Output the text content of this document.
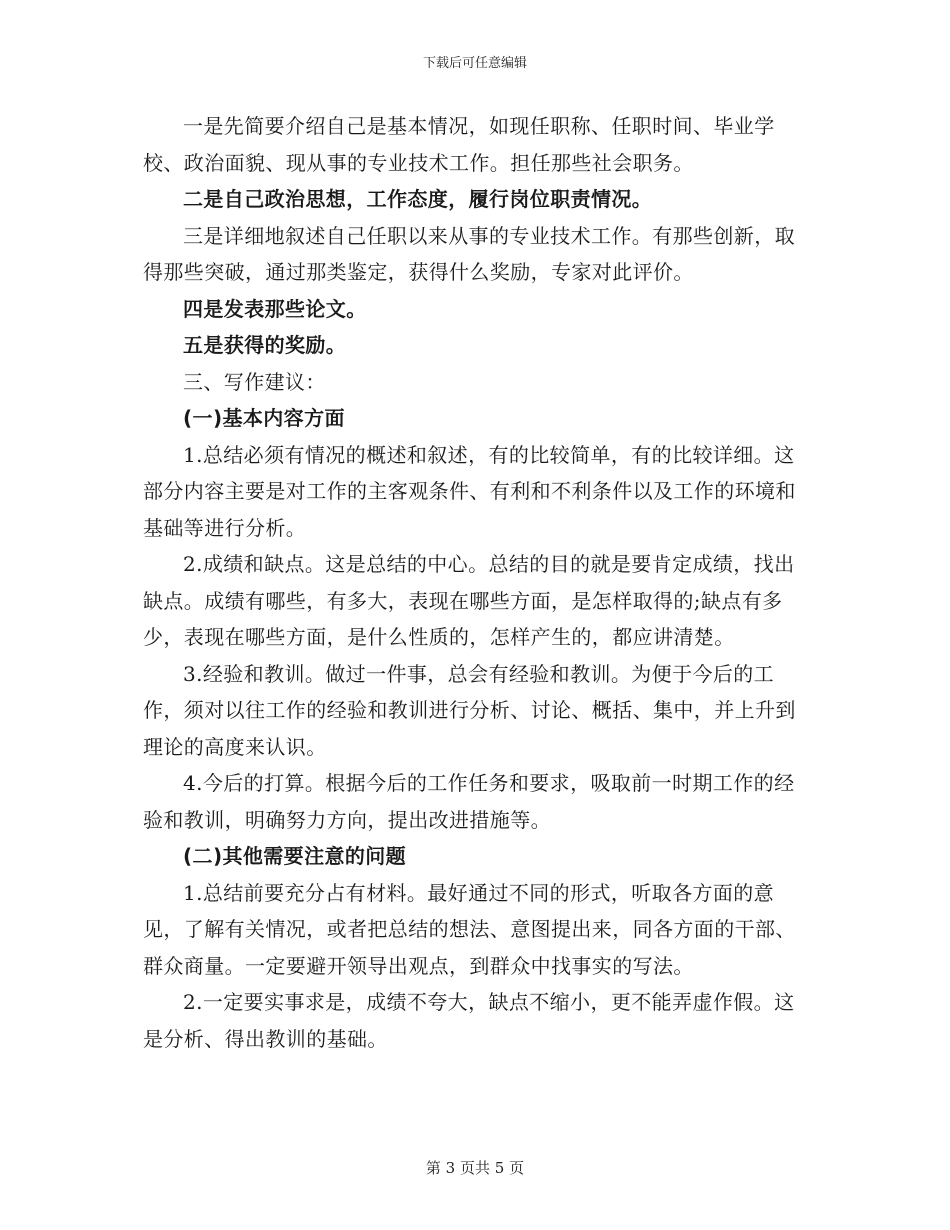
下载后可任意编辑

一是先简要介绍自己是基本情况，如现任职称、任职时间、毕业学校、政治面貌、现从事的专业技术工作。担任那些社会职务。

二是自己政治思想，工作态度，履行岗位职责情况。

三是详细地叙述自己任职以来从事的专业技术工作。有那些创新，取得那些突破，通过那类鉴定，获得什么奖励，专家对此评价。

四是发表那些论文。

五是获得的奖励。

三、写作建议：

(一)基本内容方面

1.总结必须有情况的概述和叙述，有的比较简单，有的比较详细。这部分内容主要是对工作的主客观条件、有利和不利条件以及工作的环境和基础等进行分析。

2.成绩和缺点。这是总结的中心。总结的目的就是要肯定成绩，找出缺点。成绩有哪些，有多大，表现在哪些方面，是怎样取得的;缺点有多少，表现在哪些方面，是什么性质的，怎样产生的，都应讲清楚。

3.经验和教训。做过一件事，总会有经验和教训。为便于今后的工作，须对以往工作的经验和教训进行分析、讨论、概括、集中，并上升到理论的高度来认识。

4.今后的打算。根据今后的工作任务和要求，吸取前一时期工作的经验和教训，明确努力方向，提出改进措施等。

(二)其他需要注意的问题

1.总结前要充分占有材料。最好通过不同的形式，听取各方面的意见，了解有关情况，或者把总结的想法、意图提出来，同各方面的干部、群众商量。一定要避开领导出观点，到群众中找事实的写法。

2.一定要实事求是，成绩不夸大，缺点不缩小，更不能弄虚作假。这是分析、得出教训的基础。

第 3 页共 5 页
